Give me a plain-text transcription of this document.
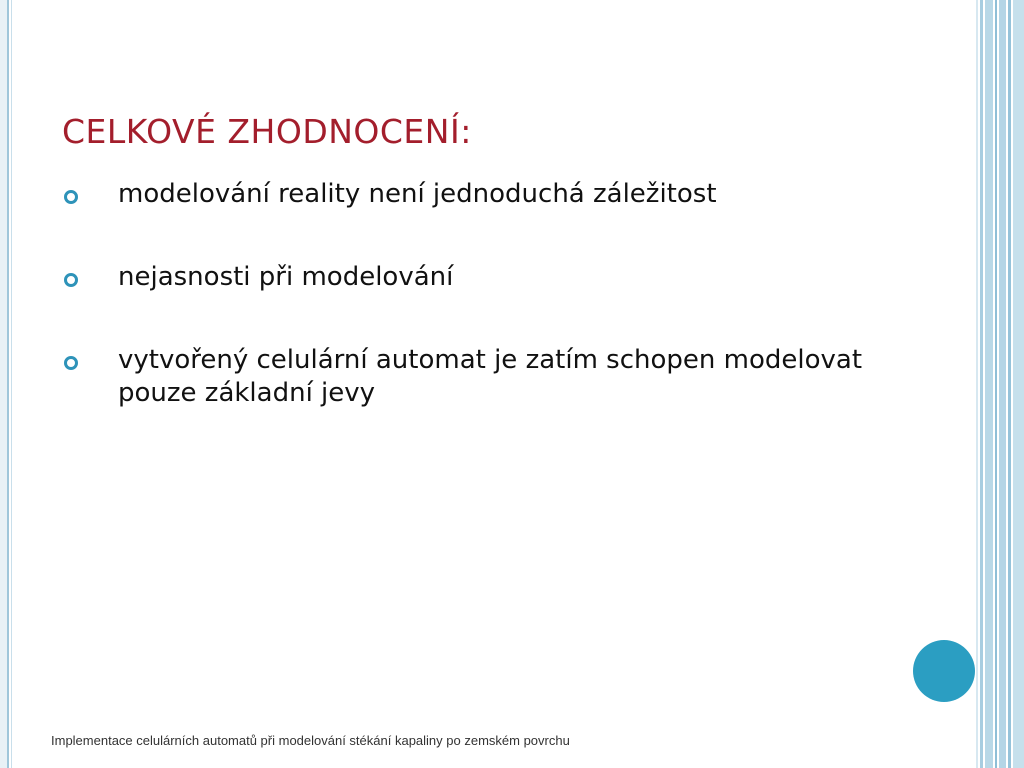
CELKOVÉ ZHODNOCENÍ:
modelování reality není jednoduchá záležitost
nejasnosti při modelování
vytvořený celulární automat je zatím schopen modelovat pouze základní jevy
Implementace celulárních automatů při modelování stékání kapaliny po zemském povrchu
